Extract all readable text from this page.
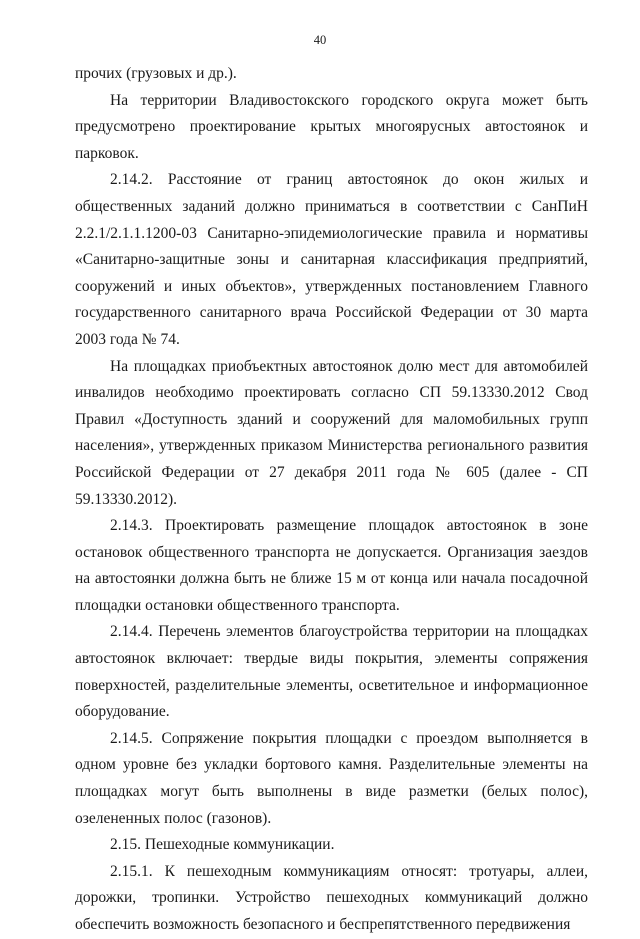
40

прочих (грузовых и др.).

На территории Владивостокского городского округа может быть предусмотрено проектирование крытых многоярусных автостоянок и парковок.

2.14.2. Расстояние от границ автостоянок до окон жилых и общественных заданий должно приниматься в соответствии с СанПиН 2.2.1/2.1.1.1200-03 Санитарно-эпидемиологические правила и нормативы «Санитарно-защитные зоны и санитарная классификация предприятий, сооружений и иных объектов», утвержденных постановлением Главного государственного санитарного врача Российской Федерации от 30 марта 2003 года № 74.

На площадках приобъектных автостоянок долю мест для автомобилей инвалидов необходимо проектировать согласно СП 59.13330.2012 Свод Правил «Доступность зданий и сооружений для маломобильных групп населения», утвержденных приказом Министерства регионального развития Российской Федерации от 27 декабря 2011 года № 605 (далее - СП 59.13330.2012).

2.14.3. Проектировать размещение площадок автостоянок в зоне остановок общественного транспорта не допускается. Организация заездов на автостоянки должна быть не ближе 15 м от конца или начала посадочной площадки остановки общественного транспорта.

2.14.4. Перечень элементов благоустройства территории на площадках автостоянок включает: твердые виды покрытия, элементы сопряжения поверхностей, разделительные элементы, осветительное и информационное оборудование.

2.14.5. Сопряжение покрытия площадки с проездом выполняется в одном уровне без укладки бортового камня. Разделительные элементы на площадках могут быть выполнены в виде разметки (белых полос), озелененных полос (газонов).

2.15. Пешеходные коммуникации.

2.15.1. К пешеходным коммуникациям относят: тротуары, аллеи, дорожки, тропинки. Устройство пешеходных коммуникаций должно обеспечить возможность безопасного и беспрепятственного передвижения
